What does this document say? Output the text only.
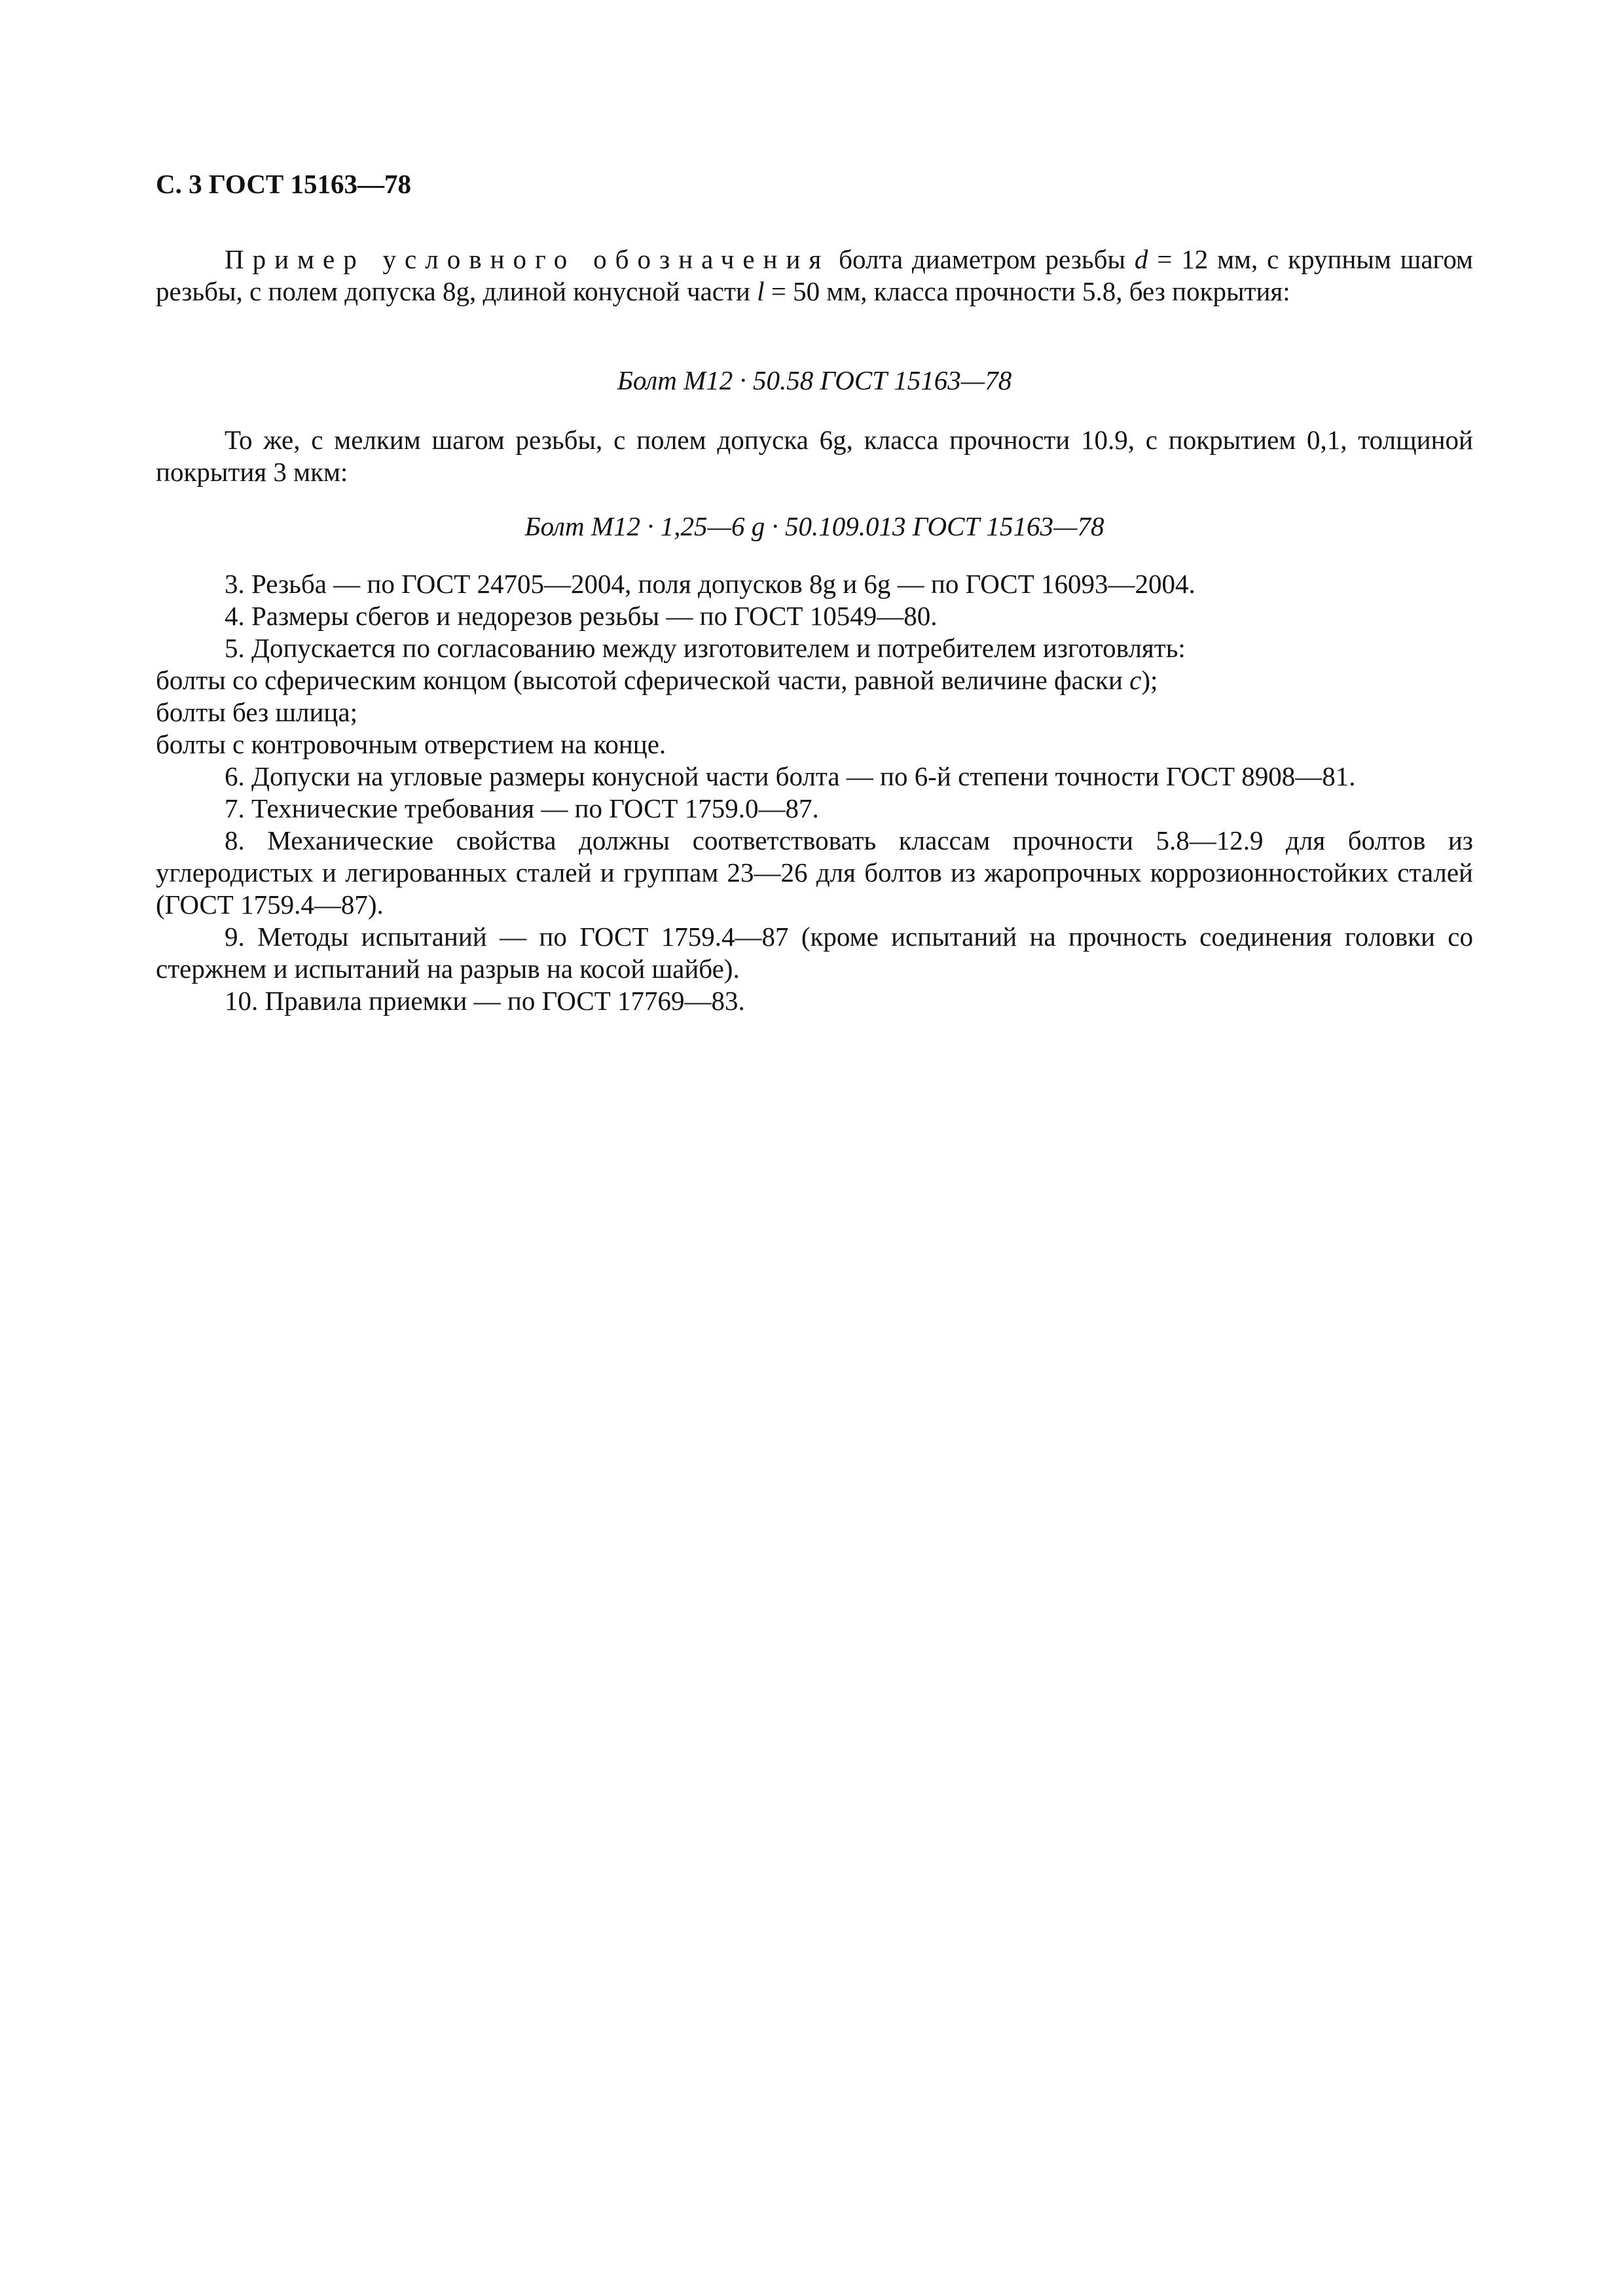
С. 3 ГОСТ 15163—78

Пример условного обозначения болта диаметром резьбы d = 12 мм, с крупным шагом резьбы, с полем допуска 8g, длиной конусной части l = 50 мм, класса прочности 5.8, без покрытия:

Болт М12 · 50.58 ГОСТ 15163—78

То же, с мелким шагом резьбы, с полем допуска 6g, класса прочности 10.9, с покрытием 0,1, толщиной покрытия 3 мкм:

Болт М12 · 1,25—6 g · 50.109.013 ГОСТ 15163—78

3. Резьба — по ГОСТ 24705—2004, поля допусков 8g и 6g — по ГОСТ 16093—2004.

4. Размеры сбегов и недорезов резьбы — по ГОСТ 10549—80.

5. Допускается по согласованию между изготовителем и потребителем изготовлять:

болты со сферическим концом (высотой сферической части, равной величине фаски с);

болты без шлица;

болты с контровочным отверстием на конце.

6. Допуски на угловые размеры конусной части болта — по 6-й степени точности ГОСТ 8908—81.

7. Технические требования — по ГОСТ 1759.0—87.

8. Механические свойства должны соответствовать классам прочности 5.8—12.9 для болтов из углеродистых и легированных сталей и группам 23—26 для болтов из жаропрочных коррозионностойких сталей (ГОСТ 1759.4—87).

9. Методы испытаний — по ГОСТ 1759.4—87 (кроме испытаний на прочность соединения головки со стержнем и испытаний на разрыв на косой шайбе).

10. Правила приемки — по ГОСТ 17769—83.
